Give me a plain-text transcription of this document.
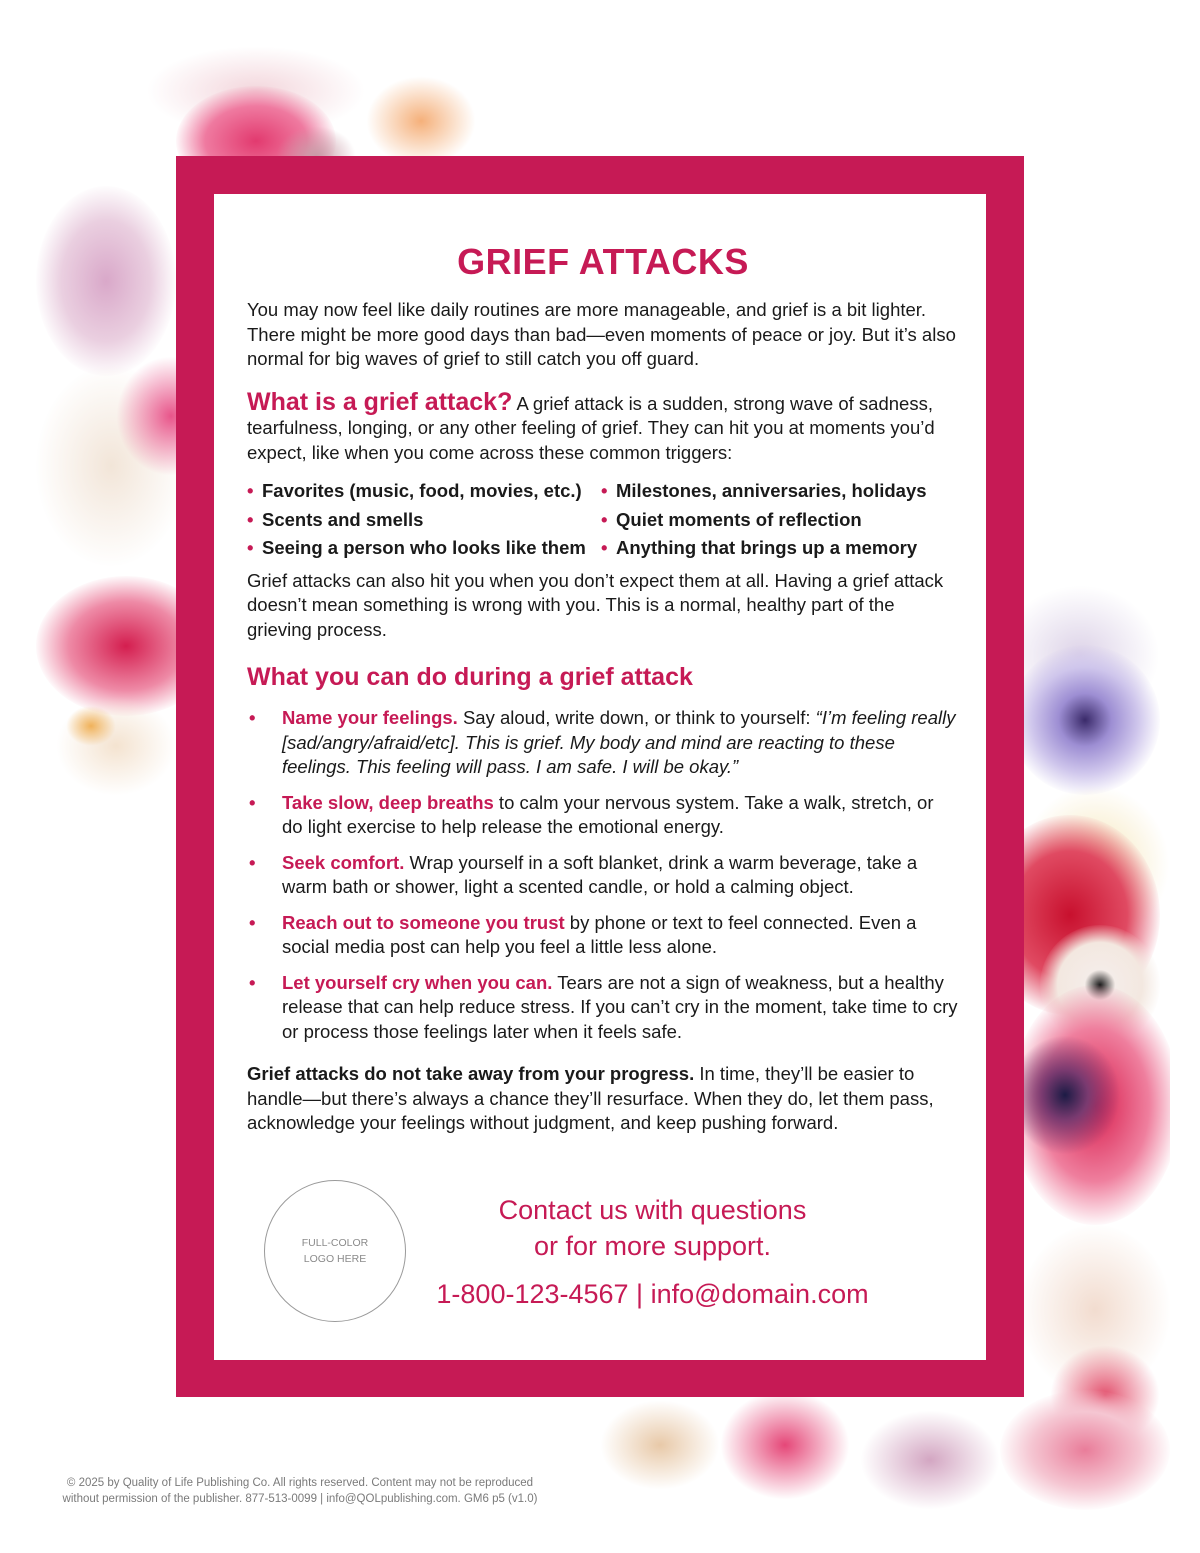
GRIEF ATTACKS
You may now feel like daily routines are more manageable, and grief is a bit lighter. There might be more good days than bad—even moments of peace or joy. But it’s also normal for big waves of grief to still catch you off guard.
What is a grief attack? A grief attack is a sudden, strong wave of sadness, tearfulness, longing, or any other feeling of grief. They can hit you at moments you’d expect, like when you come across these common triggers:
• Favorites (music, food, movies, etc.)	• Milestones, anniversaries, holidays
• Scents and smells	• Quiet moments of reflection
• Seeing a person who looks like them	• Anything that brings up a memory
Grief attacks can also hit you when you don’t expect them at all. Having a grief attack doesn’t mean something is wrong with you. This is a normal, healthy part of the grieving process.
What you can do during a grief attack
• Name your feelings. Say aloud, write down, or think to yourself: “I’m feeling really [sad/angry/afraid/etc]. This is grief. My body and mind are reacting to these feelings. This feeling will pass. I am safe. I will be okay.”
• Take slow, deep breaths to calm your nervous system. Take a walk, stretch, or do light exercise to help release the emotional energy.
• Seek comfort. Wrap yourself in a soft blanket, drink a warm beverage, take a warm bath or shower, light a scented candle, or hold a calming object.
• Reach out to someone you trust by phone or text to feel connected. Even a social media post can help you feel a little less alone.
• Let yourself cry when you can. Tears are not a sign of weakness, but a healthy release that can help reduce stress. If you can’t cry in the moment, take time to cry or process those feelings later when it feels safe.
Grief attacks do not take away from your progress. In time, they’ll be easier to handle—but there’s always a chance they’ll resurface. When they do, let them pass, acknowledge your feelings without judgment, and keep pushing forward.
FULL-COLOR LOGO HERE
Contact us with questions
or for more support.
1-800-123-4567 | info@domain.com
© 2025 by Quality of Life Publishing Co. All rights reserved. Content may not be reproduced
without permission of the publisher. 877-513-0099 | info@QOLpublishing.com. GM6 p5 (v1.0)
